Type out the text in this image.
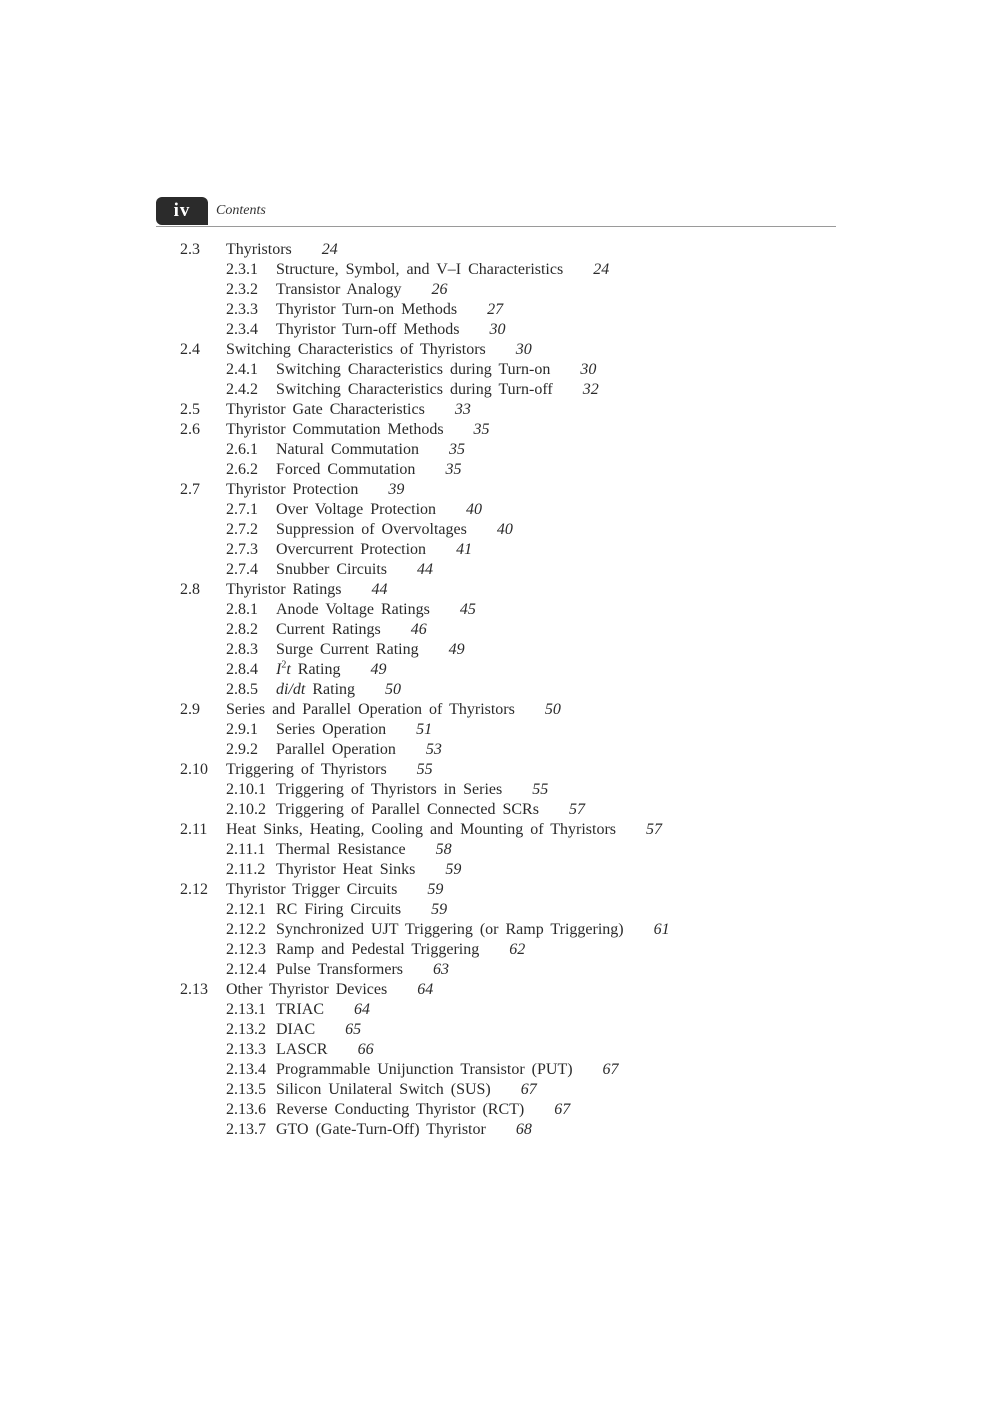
iv	Contents
2.3 Thyristors 24
2.3.1 Structure, Symbol, and V–I Characteristics 24
2.3.2 Transistor Analogy 26
2.3.3 Thyristor Turn-on Methods 27
2.3.4 Thyristor Turn-off Methods 30
2.4 Switching Characteristics of Thyristors 30
2.4.1 Switching Characteristics during Turn-on 30
2.4.2 Switching Characteristics during Turn-off 32
2.5 Thyristor Gate Characteristics 33
2.6 Thyristor Commutation Methods 35
2.6.1 Natural Commutation 35
2.6.2 Forced Commutation 35
2.7 Thyristor Protection 39
2.7.1 Over Voltage Protection 40
2.7.2 Suppression of Overvoltages 40
2.7.3 Overcurrent Protection 41
2.7.4 Snubber Circuits 44
2.8 Thyristor Ratings 44
2.8.1 Anode Voltage Ratings 45
2.8.2 Current Ratings 46
2.8.3 Surge Current Rating 49
2.8.4 $I^2t$ Rating 49
2.8.5 di/dt Rating 50
2.9 Series and Parallel Operation of Thyristors 50
2.9.1 Series Operation 51
2.9.2 Parallel Operation 53
2.10 Triggering of Thyristors 55
2.10.1 Triggering of Thyristors in Series 55
2.10.2 Triggering of Parallel Connected SCRs 57
2.11 Heat Sinks, Heating, Cooling and Mounting of Thyristors 57
2.11.1 Thermal Resistance 58
2.11.2 Thyristor Heat Sinks 59
2.12 Thyristor Trigger Circuits 59
2.12.1 RC Firing Circuits 59
2.12.2 Synchronized UJT Triggering (or Ramp Triggering) 61
2.12.3 Ramp and Pedestal Triggering 62
2.12.4 Pulse Transformers 63
2.13 Other Thyristor Devices 64
2.13.1 TRIAC 64
2.13.2 DIAC 65
2.13.3 LASCR 66
2.13.4 Programmable Unijunction Transistor (PUT) 67
2.13.5 Silicon Unilateral Switch (SUS) 67
2.13.6 Reverse Conducting Thyristor (RCT) 67
2.13.7 GTO (Gate-Turn-Off) Thyristor 68
